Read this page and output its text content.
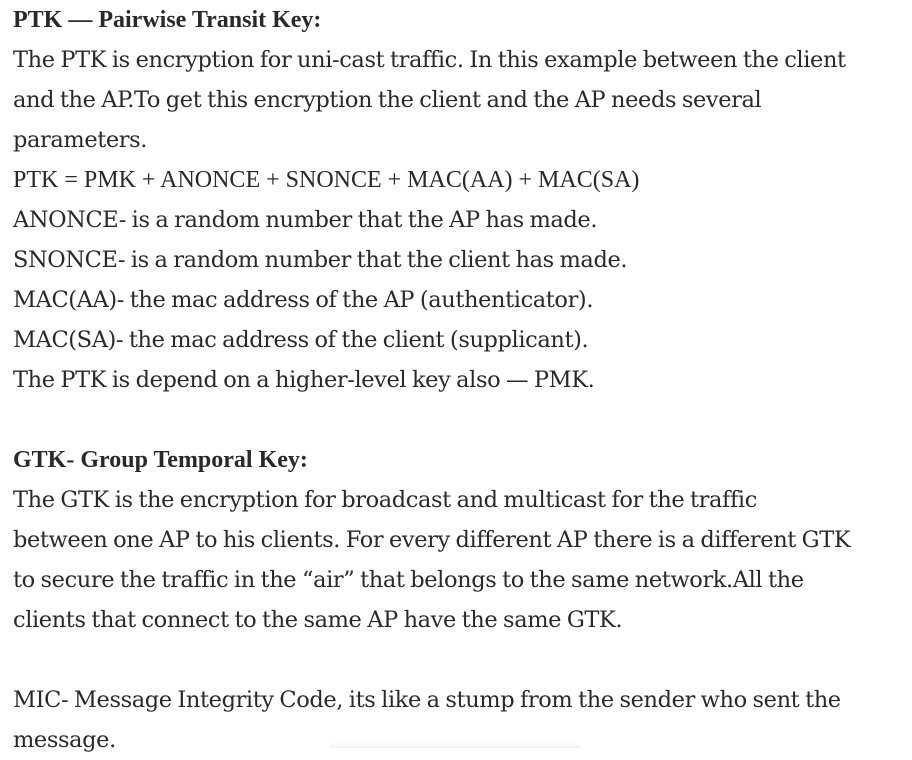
PTK — Pairwise Transit Key:
The PTK is encryption for uni-cast traffic. In this example between the client
and the AP.To get this encryption the client and the AP needs several
parameters.
PTK = PMK + ANONCE + SNONCE + MAC(AA) + MAC(SA)
ANONCE- is a random number that the AP has made.
SNONCE- is a random number that the client has made.
MAC(AA)- the mac address of the AP (authenticator).
MAC(SA)- the mac address of the client (supplicant).
The PTK is depend on a higher-level key also — PMK.
GTK- Group Temporal Key:
The GTK is the encryption for broadcast and multicast for the traffic
between one AP to his clients. For every different AP there is a different GTK
to secure the traffic in the “air” that belongs to the same network.All the
clients that connect to the same AP have the same GTK.
MIC- Message Integrity Code, its like a stump from the sender who sent the
message.
